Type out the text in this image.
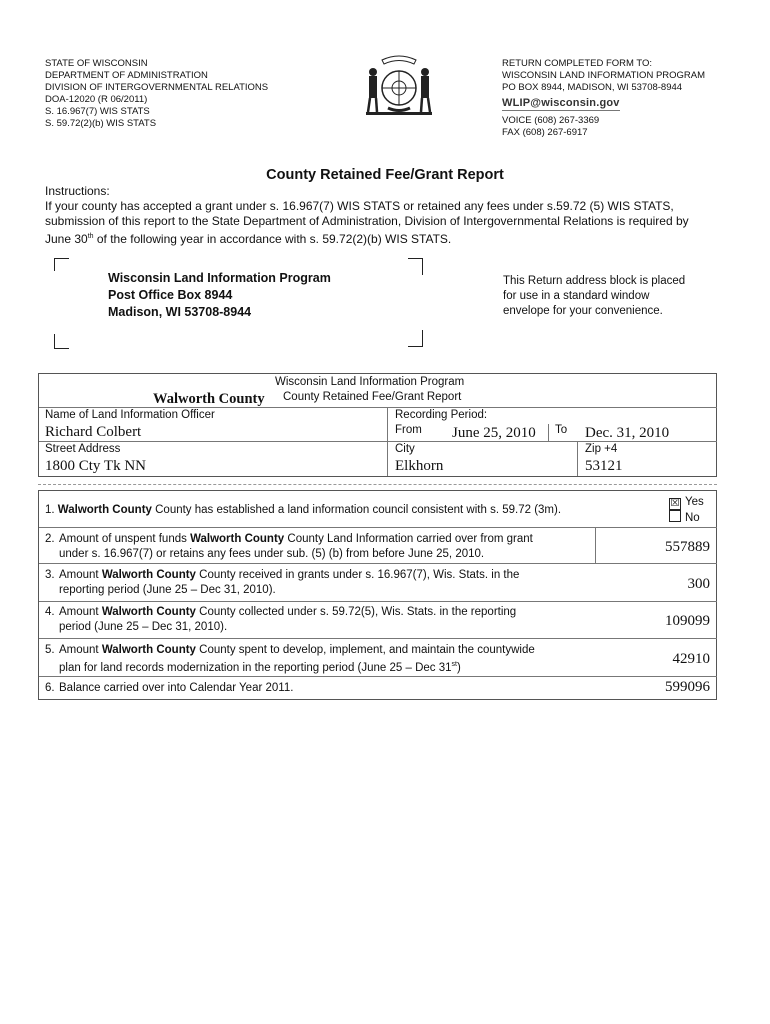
STATE OF WISCONSIN
DEPARTMENT OF ADMINISTRATION
DIVISION OF INTERGOVERNMENTAL RELATIONS
DOA-12020 (R 06/2011)
S. 16.967(7) WIS STATS
S. 59.72(2)(b) WIS STATS
RETURN COMPLETED FORM TO:
WISCONSIN LAND INFORMATION PROGRAM
PO BOX 8944, MADISON, WI 53708-8944
WLIP@wisconsin.gov
VOICE (608) 267-3369
FAX (608) 267-6917
County Retained Fee/Grant Report

Instructions:

If your county has accepted a grant under s. 16.967(7) WIS STATS or retained any fees under s.59.72 (5) WIS STATS,

submission of this report to the State Department of Administration, Division of Intergovernmental Relations is required by

June 30th of the following year in accordance with s. 59.72(2)(b) WIS STATS.

Wisconsin Land Information Program
Post Office Box 8944
Madison, WI 53708-8944
This Return address block is placed
for use in a standard window
envelope for your convenience.
Wisconsin Land Information Program
Walworth County County Retained Fee/Grant Report
Name of Land Information Officer
Richard Colbert
Recording Period:
From June 25, 2010 To Dec. 31, 2010
Street Address
1800 Cty Tk NN
City
Elkhorn
Zip +4
53121
1. Walworth County County has established a land information council consistent with s. 59.72 (3m).
☒ Yes
No
2. Amount of unspent funds Walworth County County Land Information carried over from grant
under s. 16.967(7) or retains any fees under sub. (5) (b) from before June 25, 2010.	557889
3. Amount Walworth County County received in grants under s. 16.967(7), Wis. Stats. in the
reporting period (June 25 – Dec 31, 2010).	300
4. Amount Walworth County County collected under s. 59.72(5), Wis. Stats. in the reporting
period (June 25 – Dec 31, 2010).	109099
5. Amount Walworth County County spent to develop, implement, and maintain the countywide
plan for land records modernization in the reporting period (June 25 – Dec 31st)
42910
6. Balance carried over into Calendar Year 2011.	599096
